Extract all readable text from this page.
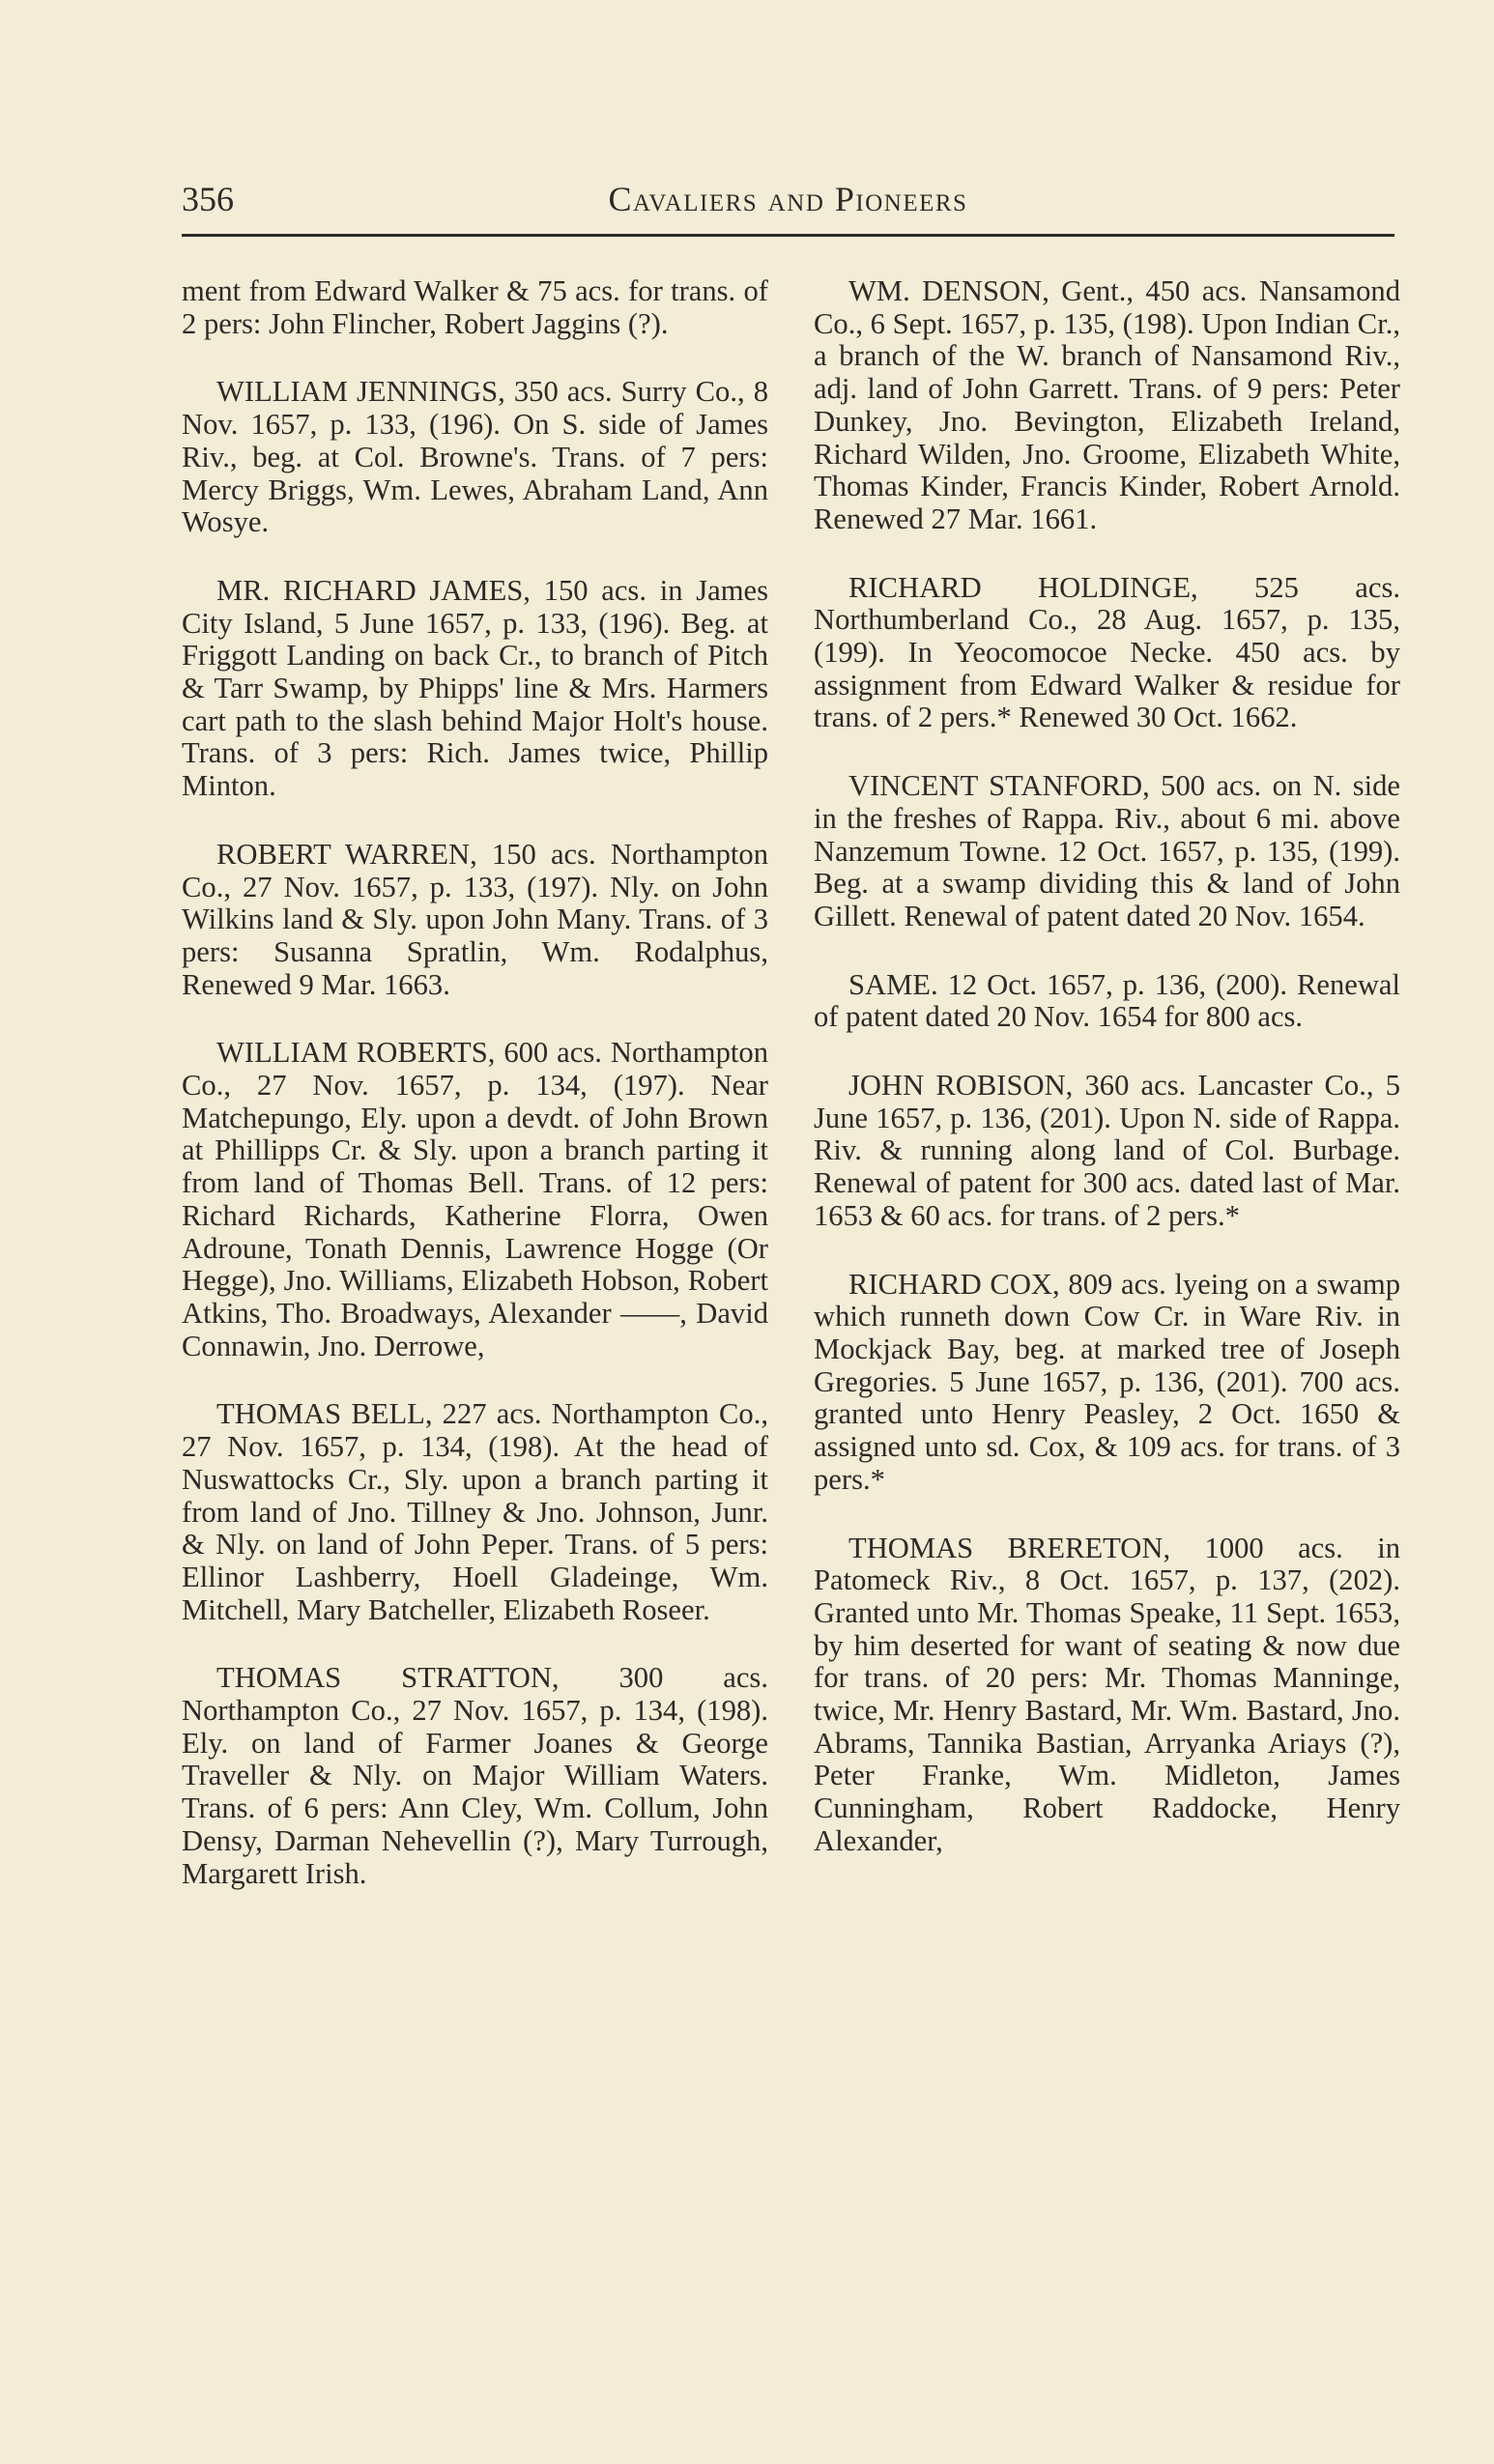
356	Cavaliers and Pioneers

ment from Edward Walker & 75 acs. for trans. of 2 pers: John Flincher, Robert Jaggins (?).

WILLIAM JENNINGS, 350 acs. Surry Co., 8 Nov. 1657, p. 133, (196). On S. side of James Riv., beg. at Col. Browne's. Trans. of 7 pers: Mercy Briggs, Wm. Lewes, Abraham Land, Ann Wosye.

MR. RICHARD JAMES, 150 acs. in James City Island, 5 June 1657, p. 133, (196). Beg. at Friggott Landing on back Cr., to branch of Pitch & Tarr Swamp, by Phipps' line & Mrs. Harmers cart path to the slash behind Major Holt's house. Trans. of 3 pers: Rich. James twice, Phillip Minton.

ROBERT WARREN, 150 acs. Northampton Co., 27 Nov. 1657, p. 133, (197). Nly. on John Wilkins land & Sly. upon John Many. Trans. of 3 pers: Susanna Spratlin, Wm. Rodalphus, Renewed 9 Mar. 1663.

WILLIAM ROBERTS, 600 acs. Northampton Co., 27 Nov. 1657, p. 134, (197). Near Matchepungo, Ely. upon a devdt. of John Brown at Phillipps Cr. & Sly. upon a branch parting it from land of Thomas Bell. Trans. of 12 pers: Richard Richards, Katherine Florra, Owen Adroune, Tonath Dennis, Lawrence Hogge (Or Hegge), Jno. Williams, Elizabeth Hobson, Robert Atkins, Tho. Broadways, Alexander ——, David Connawin, Jno. Derrowe,

THOMAS BELL, 227 acs. Northampton Co., 27 Nov. 1657, p. 134, (198). At the head of Nuswattocks Cr., Sly. upon a branch parting it from land of Jno. Tillney & Jno. Johnson, Junr. & Nly. on land of John Peper. Trans. of 5 pers: Ellinor Lashberry, Hoell Gladeinge, Wm. Mitchell, Mary Batcheller, Elizabeth Roseer.

THOMAS STRATTON, 300 acs. Northampton Co., 27 Nov. 1657, p. 134, (198). Ely. on land of Farmer Joanes & George Traveller & Nly. on Major William Waters. Trans. of 6 pers: Ann Cley, Wm. Collum, John Densy, Darman Nehevellin (?), Mary Turrough, Margarett Irish.

WM. DENSON, Gent., 450 acs. Nansamond Co., 6 Sept. 1657, p. 135, (198). Upon Indian Cr., a branch of the W. branch of Nansamond Riv., adj. land of John Garrett. Trans. of 9 pers: Peter Dunkey, Jno. Bevington, Elizabeth Ireland, Richard Wilden, Jno. Groome, Elizabeth White, Thomas Kinder, Francis Kinder, Robert Arnold. Renewed 27 Mar. 1661.

RICHARD HOLDINGE, 525 acs. Northumberland Co., 28 Aug. 1657, p. 135, (199). In Yeocomocoe Necke. 450 acs. by assignment from Edward Walker & residue for trans. of 2 pers.* Renewed 30 Oct. 1662.

VINCENT STANFORD, 500 acs. on N. side in the freshes of Rappa. Riv., about 6 mi. above Nanzemum Towne. 12 Oct. 1657, p. 135, (199). Beg. at a swamp dividing this & land of John Gillett. Renewal of patent dated 20 Nov. 1654.

SAME. 12 Oct. 1657, p. 136, (200). Renewal of patent dated 20 Nov. 1654 for 800 acs.

JOHN ROBISON, 360 acs. Lancaster Co., 5 June 1657, p. 136, (201). Upon N. side of Rappa. Riv. & running along land of Col. Burbage. Renewal of patent for 300 acs. dated last of Mar. 1653 & 60 acs. for trans. of 2 pers.*

RICHARD COX, 809 acs. lyeing on a swamp which runneth down Cow Cr. in Ware Riv. in Mockjack Bay, beg. at marked tree of Joseph Gregories. 5 June 1657, p. 136, (201). 700 acs. granted unto Henry Peasley, 2 Oct. 1650 & assigned unto sd. Cox, & 109 acs. for trans. of 3 pers.*

THOMAS BRERETON, 1000 acs. in Patomeck Riv., 8 Oct. 1657, p. 137, (202). Granted unto Mr. Thomas Speake, 11 Sept. 1653, by him deserted for want of seating & now due for trans. of 20 pers: Mr. Thomas Manninge, twice, Mr. Henry Bastard, Mr. Wm. Bastard, Jno. Abrams, Tannika Bastian, Arryanka Ariays (?), Peter Franke, Wm. Midleton, James Cunningham, Robert Raddocke, Henry Alexander,
